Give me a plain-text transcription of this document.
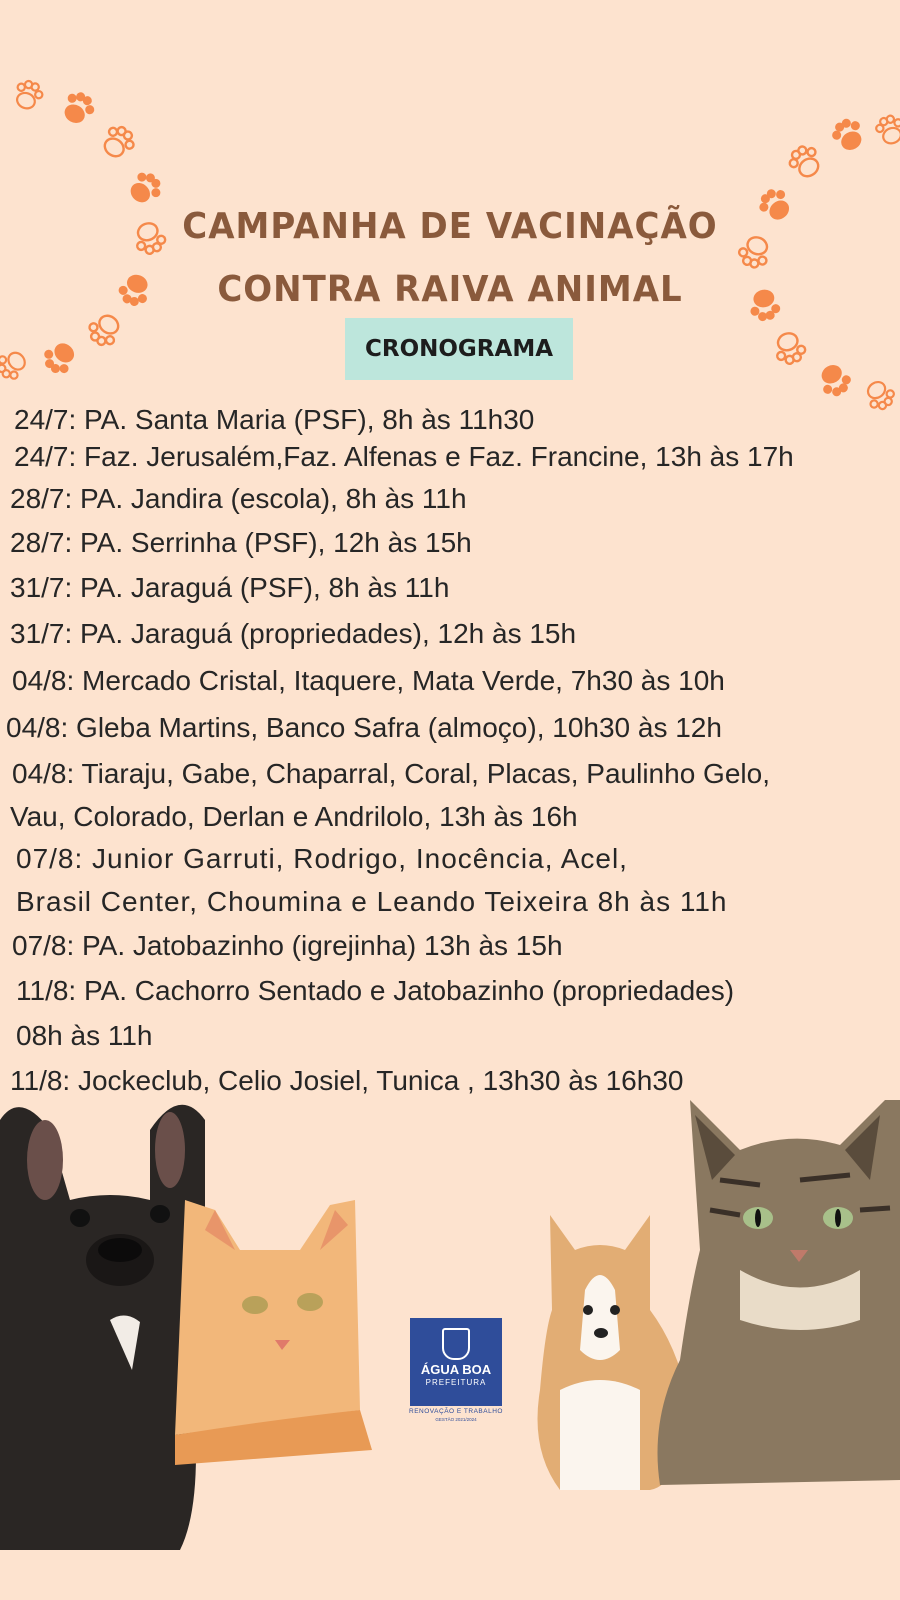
CAMPANHA DE VACINAÇÃO
CONTRA RAIVA ANIMAL
CRONOGRAMA
24/7: PA. Santa Maria (PSF), 8h às 11h30
24/7: Faz. Jerusalém,Faz. Alfenas e Faz. Francine, 13h às 17h
28/7: PA. Jandira (escola), 8h às 11h
28/7: PA. Serrinha (PSF), 12h às 15h
31/7: PA. Jaraguá (PSF), 8h às 11h
31/7: PA. Jaraguá (propriedades), 12h às 15h
04/8: Mercado Cristal, Itaquere, Mata Verde, 7h30 às 10h
04/8: Gleba Martins, Banco Safra (almoço), 10h30 às 12h
04/8: Tiaraju, Gabe, Chaparral, Coral, Placas, Paulinho Gelo,
Vau, Colorado, Derlan e Andrilolo, 13h às 16h
07/8: Junior Garruti, Rodrigo, Inocência, Acel,
Brasil Center, Choumina e Leando Teixeira 8h às 11h
07/8: PA. Jatobazinho (igrejinha) 13h às 15h
11/8: PA. Cachorro Sentado e Jatobazinho (propriedades)
08h às 11h
11/8: Jockeclub, Celio Josiel, Tunica , 13h30 às 16h30
ÁGUA BOA
PREFEITURA
RENOVAÇÃO E TRABALHO
GESTÃO 2021/2024
